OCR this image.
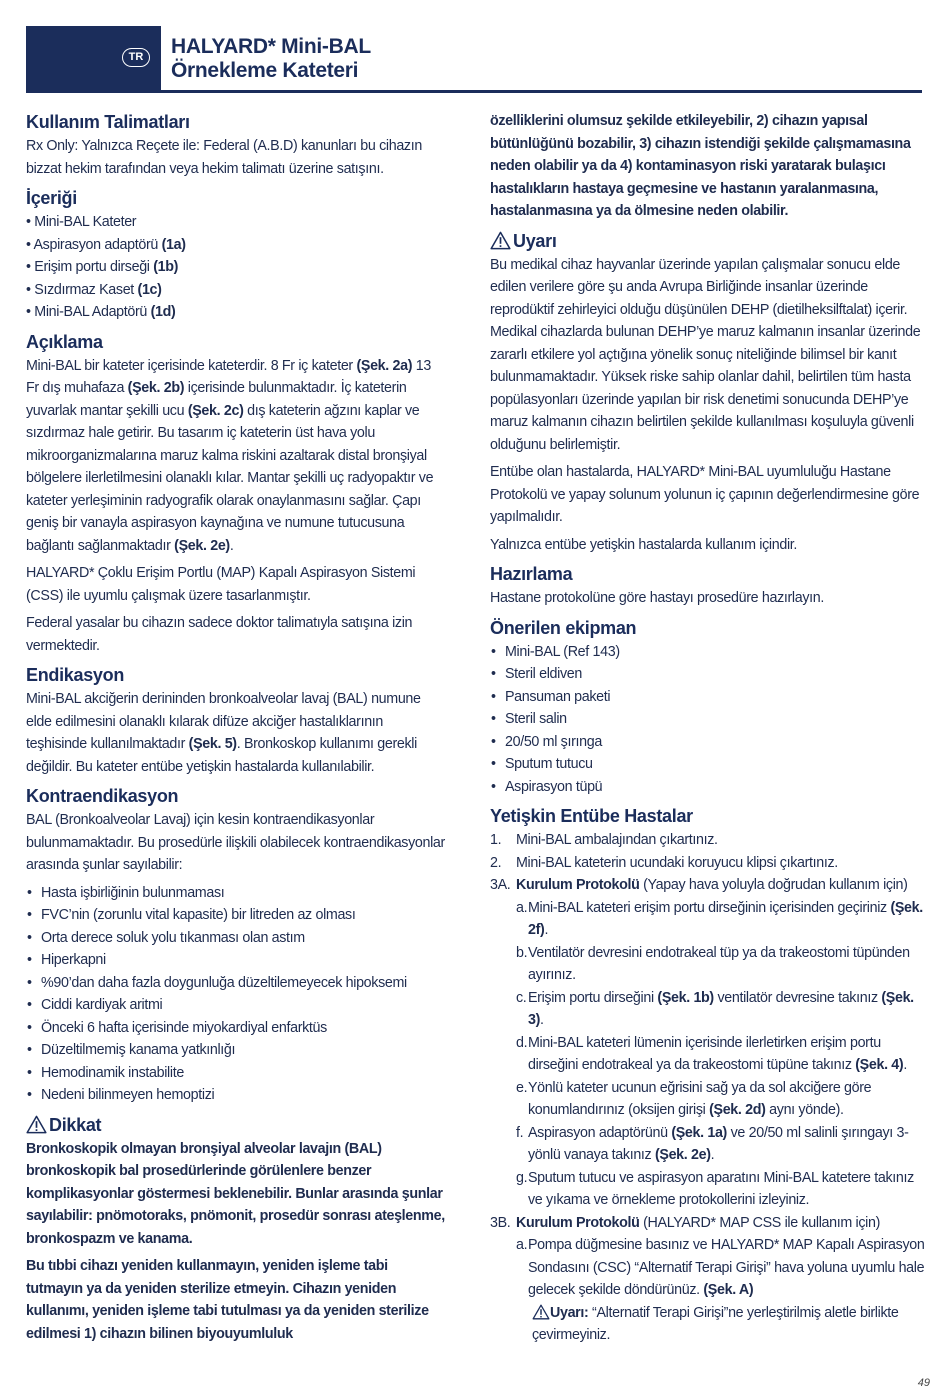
TR	HALYARD* Mini-BAL
Örnekleme Kateteri
Kullanım Talimatları

Rx Only: Yalnızca Reçete ile: Federal (A.B.D) kanunları bu cihazın bizzat hekim tarafından veya hekim talimatı üzerine satışını.

İçeriği
• Mini-BAL Kateter
• Aspirasyon adaptörü (1a)
• Erişim portu dirseği (1b)
• Sızdırmaz Kaset (1c)
• Mini-BAL Adaptörü (1d)
Açıklama

Mini-BAL bir kateter içerisinde kateterdir. 8 Fr iç kateter (Şek. 2a) 13 Fr dış muhafaza (Şek. 2b) içerisinde bulunmaktadır. İç kateterin yuvarlak mantar şekilli ucu (Şek. 2c) dış kateterin ağzını kaplar ve sızdırmaz hale getirir. Bu tasarım iç kateterin üst hava yolu mikroorganizmalarına maruz kalma riskini azaltarak distal bronşiyal bölgelere ilerletilmesini olanaklı kılar. Mantar şekilli uç radyopaktır ve kateter yerleşiminin radyografik olarak onaylanmasını sağlar. Çapı geniş bir vanayla aspirasyon kaynağına ve numune tutucusuna bağlantı sağlanmaktadır (Şek. 2e).

HALYARD* Çoklu Erişim Portlu (MAP) Kapalı Aspirasyon Sistemi (CSS) ile uyumlu çalışmak üzere tasarlanmıştır.

Federal yasalar bu cihazın sadece doktor talimatıyla satışına izin vermektedir.

Endikasyon

Mini-BAL akciğerin derininden bronkoalveolar lavaj (BAL) numune elde edilmesini olanaklı kılarak difüze akciğer hastalıklarının teşhisinde kullanılmaktadır (Şek. 5). Bronkoskop kullanımı gerekli değildir. Bu kateter entübe yetişkin hastalarda kullanılabilir.

Kontraendikasyon

BAL (Bronkoalveolar Lavaj) için kesin kontraendikasyonlar bulunmamaktadır. Bu prosedürle ilişkili olabilecek kontraendikasyonlar arasında şunlar sayılabilir:

• Hasta işbirliğinin bulunmaması
• FVC’nin (zorunlu vital kapasite) bir litreden az olması
• Orta derece soluk yolu tıkanması olan astım
• Hiperkapni
• %90’dan daha fazla doygunluğa düzeltilemeyecek hipoksemi
• Ciddi kardiyak aritmi
• Önceki 6 hafta içerisinde miyokardiyal enfarktüs
• Düzeltilmemiş kanama yatkınlığı
• Hemodinamik instabilite
• Nedeni bilinmeyen hemoptizi
Dikkat

Bronkoskopik olmayan bronşiyal alveolar lavajın (BAL) bronkoskopik bal prosedürlerinde görülenlere benzer komplikasyonlar göstermesi beklenebilir. Bunlar arasında şunlar sayılabilir: pnömotoraks, pnömonit, prosedür sonrası ateşlenme, bronkospazm ve kanama.

Bu tıbbi cihazı yeniden kullanmayın, yeniden işleme tabi tutmayın ya da yeniden sterilize etmeyin. Cihazın yeniden kullanımı, yeniden işleme tabi tutulması ya da yeniden sterilize edilmesi 1) cihazın bilinen biyouyumluluk

özelliklerini olumsuz şekilde etkileyebilir, 2) cihazın yapısal bütünlüğünü bozabilir, 3) cihazın istendiği şekilde çalışmamasına neden olabilir ya da 4) kontaminasyon riski yaratarak bulaşıcı hastalıkların hastaya geçmesine ve hastanın yaralanmasına, hastalanmasına ya da ölmesine neden olabilir.

Uyarı

Bu medikal cihaz hayvanlar üzerinde yapılan çalışmalar sonucu elde edilen verilere göre şu anda Avrupa Birliğinde insanlar üzerinde reprodüktif zehirleyici olduğu düşünülen DEHP (dietilheksilftalat) içerir. Medikal cihazlarda bulunan DEHP’ye maruz kalmanın insanlar üzerinde zararlı etkilere yol açtığına yönelik sonuç niteliğinde bilimsel bir kanıt bulunmamaktadır. Yüksek riske sahip olanlar dahil, belirtilen tüm hasta popülasyonları üzerinde yapılan bir risk denetimi sonucunda DEHP’ye maruz kalmanın cihazın belirtilen şekilde kullanılması koşuluyla güvenli olduğunu belirlemiştir.

Entübe olan hastalarda, HALYARD* Mini-BAL uyumluluğu Hastane Protokolü ve yapay solunum yolunun iç çapının değerlendirmesine göre yapılmalıdır.

Yalnızca entübe yetişkin hastalarda kullanım içindir.

Hazırlama

Hastane protokolüne göre hastayı prosedüre hazırlayın.

Önerilen ekipman
• Mini-BAL (Ref 143)
• Steril eldiven
• Pansuman paketi
• Steril salin
• 20/50 ml şırınga
• Sputum tutucu
• Aspirasyon tüpü
Yetişkin Entübe Hastalar
1. Mini-BAL ambalajından çıkartınız.
2. Mini-BAL kateterin ucundaki koruyucu klipsi çıkartınız.
3A. Kurulum Protokolü (Yapay hava yoluyla doğrudan kullanım için)
a. Mini-BAL kateteri erişim portu dirseğinin içerisinden geçiriniz (Şek. 2f).
b. Ventilatör devresini endotrakeal tüp ya da trakeostomi tüpünden ayırınız.
c. Erişim portu dirseğini (Şek. 1b) ventilatör devresine takınız (Şek. 3).
d. Mini-BAL kateteri lümenin içerisinde ilerletirken erişim portu dirseğini endotrakeal ya da trakeostomi tüpüne takınız (Şek. 4).
e. Yönlü kateter ucunun eğrisini sağ ya da sol akciğere göre konumlandırınız (oksijen girişi (Şek. 2d) aynı yönde).
f. Aspirasyon adaptörünü (Şek. 1a) ve 20/50 ml salinli şırıngayı 3-yönlü vanaya takınız (Şek. 2e).
g. Sputum tutucu ve aspirasyon aparatını Mini-BAL katetere takınız ve yıkama ve örnekleme protokollerini izleyiniz.
3B. Kurulum Protokolü (HALYARD* MAP CSS ile kullanım için)
a. Pompa düğmesine basınız ve HALYARD* MAP Kapalı Aspirasyon Sondasını (CSC) “Alternatif Terapi Girişi” hava yoluna uyumlu hale gelecek şekilde döndürünüz. (Şek. A)
Uyarı: “Alternatif Terapi Girişi”ne yerleştirilmiş aletle birlikte çevirmeyiniz.
49
